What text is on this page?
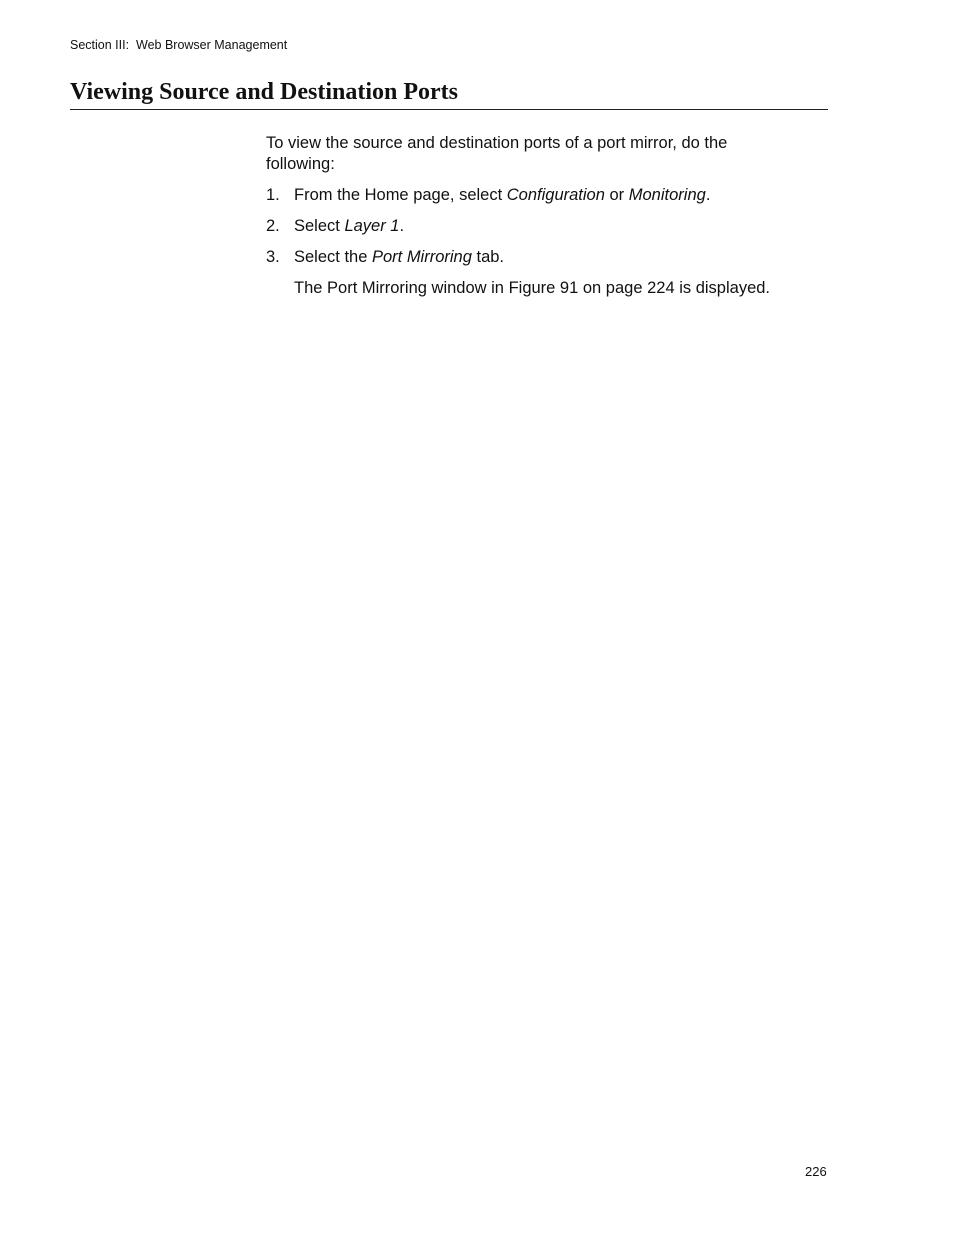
Section III:  Web Browser Management
Viewing Source and Destination Ports

To view the source and destination ports of a port mirror, do the following:

1. From the Home page, select Configuration or Monitoring.
2. Select Layer 1.
3. Select the Port Mirroring tab.

The Port Mirroring window in Figure 91 on page 224 is displayed.

226
